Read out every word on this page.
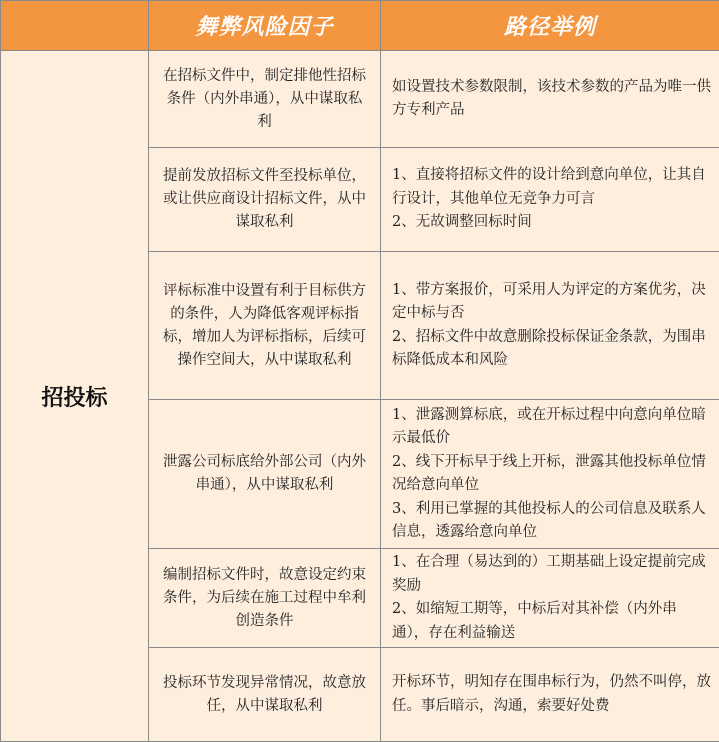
	舞弊风险因子	路径举例
招投标	在招标文件中，制定排他性招标条件（内外串通），从中谋取私利	如设置技术参数限制，该技术参数的产品为唯一供方专利产品

	提前发放招标文件至投标单位，或让供应商设计招标文件，从中谋取私利	1、直接将招标文件的设计给到意向单位，让其自行设计，其他单位无竞争力可言
2、无故调整回标时间

	评标标准中设置有利于目标供方的条件，人为降低客观评标指标，增加人为评标指标，后续可操作空间大，从中谋取私利	1、带方案报价，可采用人为评定的方案优劣，决定中标与否
2、招标文件中故意删除投标保证金条款，为围串标降低成本和风险

	泄露公司标底给外部公司（内外串通），从中谋取私利	1、泄露测算标底，或在开标过程中向意向单位暗示最低价
2、线下开标早于线上开标，泄露其他投标单位情况给意向单位
3、利用已掌握的其他投标人的公司信息及联系人信息，透露给意向单位

	编制招标文件时，故意设定约束条件，为后续在施工过程中牟利创造条件	1、在合理（易达到的）工期基础上设定提前完成奖励
2、如缩短工期等，中标后对其补偿（内外串通），存在利益输送

	投标环节发现异常情况，故意放任，从中谋取私利	开标环节，明知存在围串标行为，仍然不叫停，放任。事后暗示，沟通，索要好处费
